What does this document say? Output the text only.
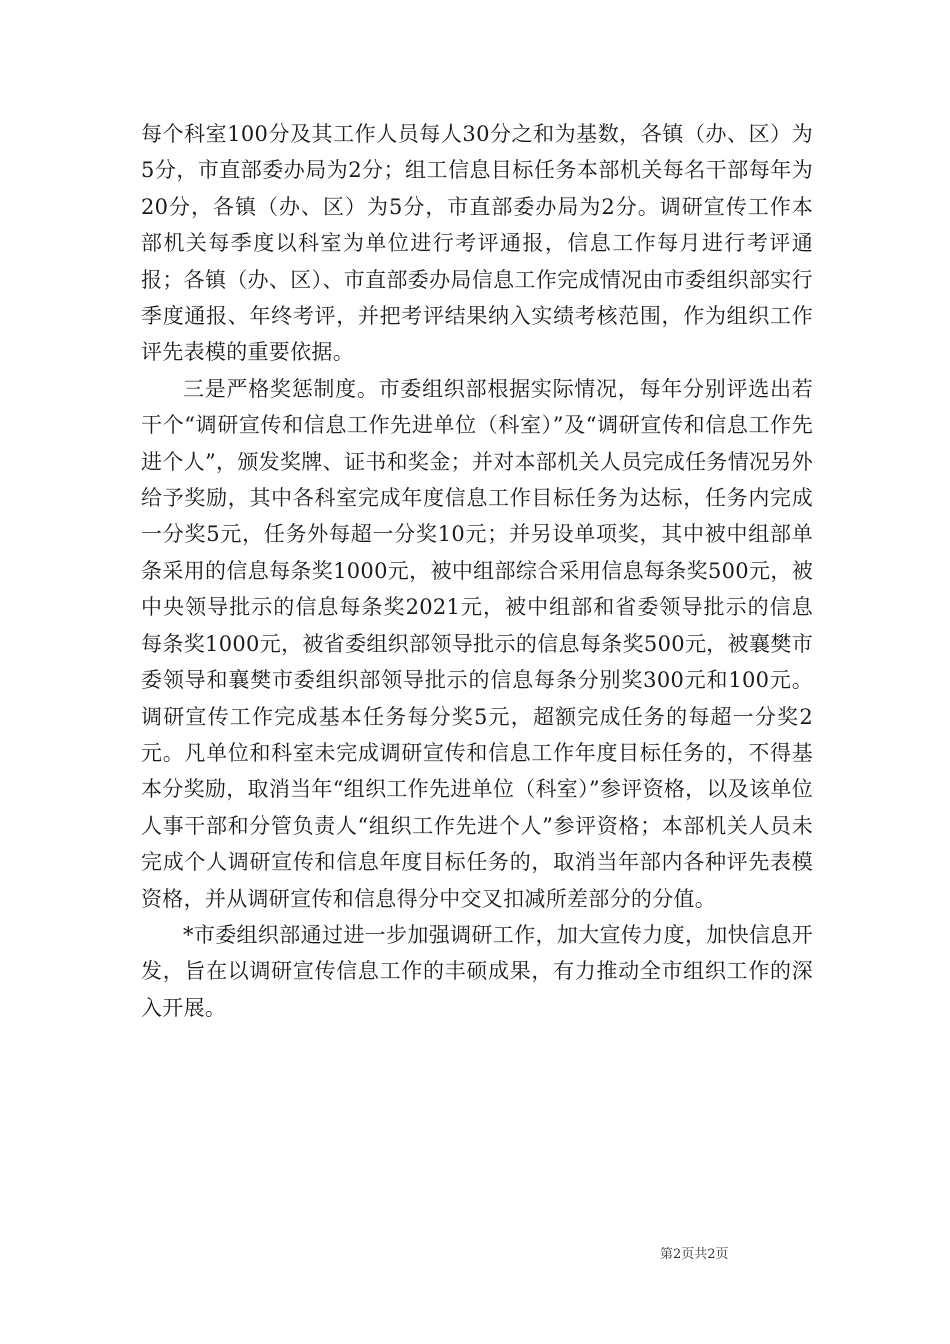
每个科室100分及其工作人员每人30分之和为基数，各镇（办、区）为5分，市直部委办局为2分；组工信息目标任务本部机关每名干部每年为20分，各镇（办、区）为5分，市直部委办局为2分。调研宣传工作本部机关每季度以科室为单位进行考评通报，信息工作每月进行考评通报；各镇（办、区）、市直部委办局信息工作完成情况由市委组织部实行季度通报、年终考评，并把考评结果纳入实绩考核范围，作为组织工作评先表模的重要依据。

三是严格奖惩制度。市委组织部根据实际情况，每年分别评选出若干个“调研宣传和信息工作先进单位（科室）”及“调研宣传和信息工作先进个人”，颁发奖牌、证书和奖金；并对本部机关人员完成任务情况另外给予奖励，其中各科室完成年度信息工作目标任务为达标，任务内完成一分奖5元，任务外每超一分奖10元；并另设单项奖，其中被中组部单条采用的信息每条奖1000元，被中组部综合采用信息每条奖500元，被中央领导批示的信息每条奖2021元，被中组部和省委领导批示的信息每条奖1000元，被省委组织部领导批示的信息每条奖500元，被襄樊市委领导和襄樊市委组织部领导批示的信息每条分别奖300元和100元。调研宣传工作完成基本任务每分奖5元，超额完成任务的每超一分奖2元。凡单位和科室未完成调研宣传和信息工作年度目标任务的，不得基本分奖励，取消当年“组织工作先进单位（科室）”参评资格，以及该单位人事干部和分管负责人“组织工作先进个人”参评资格；本部机关人员未完成个人调研宣传和信息年度目标任务的，取消当年部内各种评先表模资格，并从调研宣传和信息得分中交叉扣减所差部分的分值。

*市委组织部通过进一步加强调研工作，加大宣传力度，加快信息开发，旨在以调研宣传信息工作的丰硕成果，有力推动全市组织工作的深入开展。

第2页共2页
